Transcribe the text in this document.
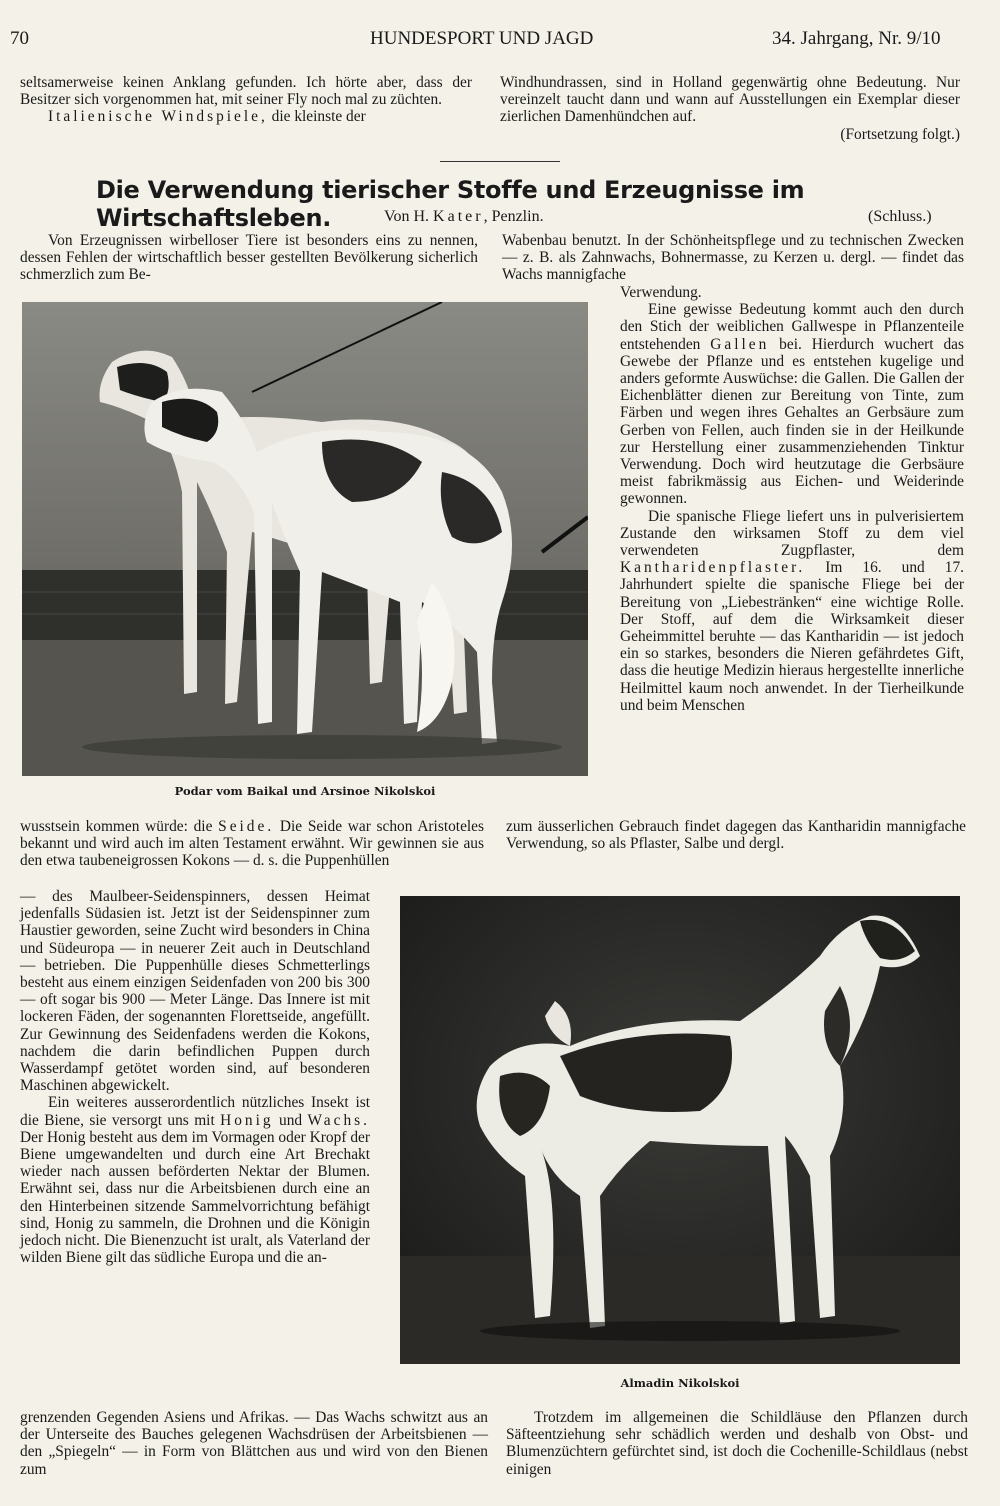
70	HUNDESPORT UND JAGD	34. Jahrgang, Nr. 9/10

seltsamerweise keinen Anklang gefunden. Ich hörte aber, dass der Besitzer sich vorgenommen hat, mit seiner Fly noch mal zu züchten.

Italienische Windspiele, die kleinste der

Windhundrassen, sind in Holland gegenwärtig ohne Bedeutung. Nur vereinzelt taucht dann und wann auf Ausstellungen ein Exemplar dieser zierlichen Damenhündchen auf.

(Fortsetzung folgt.)
Die Verwendung tierischer Stoffe und Erzeugnisse im Wirtschaftsleben.	Von H. Kater, Penzlin.	(Schluss.)

Von Erzeugnissen wirbelloser Tiere ist besonders eins zu nennen, dessen Fehlen der wirtschaftlich besser gestellten Bevölkerung sicherlich schmerzlich zum Be-

Wabenbau benutzt. In der Schönheitspflege und zu technischen Zwecken — z. B. als Zahnwachs, Bohnermasse, zu Kerzen u. dergl. — findet das Wachs mannigfache

Podar vom Baikal und Arsinoe Nikolskoi

Verwendung.

Eine gewisse Bedeutung kommt auch den durch den Stich der weiblichen Gallwespe in Pflanzenteile entstehenden Gallen bei. Hierdurch wuchert das Gewebe der Pflanze und es entstehen kugelige und anders geformte Auswüchse: die Gallen. Die Gallen der Eichenblätter dienen zur Bereitung von Tinte, zum Färben und wegen ihres Gehaltes an Gerbsäure zum Gerben von Fellen, auch finden sie in der Heilkunde zur Herstellung einer zusammenziehenden Tinktur Verwendung. Doch wird heutzutage die Gerbsäure meist fabrikmässig aus Eichen- und Weiderinde gewonnen.

Die spanische Fliege liefert uns in pulverisiertem Zustande den wirksamen Stoff zu dem viel verwendeten Zugpflaster, dem Kantharidenpflaster. Im 16. und 17. Jahrhundert spielte die spanische Fliege bei der Bereitung von „Liebestränken“ eine wichtige Rolle. Der Stoff, auf dem die Wirksamkeit dieser Geheimmittel beruhte — das Kantharidin — ist jedoch ein so starkes, besonders die Nieren gefährdetes Gift, dass die heutige Medizin hieraus hergestellte innerliche Heilmittel kaum noch anwendet. In der Tierheilkunde und beim Menschen

wusstsein kommen würde: die Seide. Die Seide war schon Aristoteles bekannt und wird auch im alten Testament erwähnt. Wir gewinnen sie aus den etwa taubeneigrossen Kokons — d. s. die Puppenhüllen

zum äusserlichen Gebrauch findet dagegen das Kantharidin mannigfache Verwendung, so als Pflaster, Salbe und dergl.

— des Maulbeer-Seidenspinners, dessen Heimat jedenfalls Südasien ist. Jetzt ist der Seidenspinner zum Haustier geworden, seine Zucht wird besonders in China und Südeuropa — in neuerer Zeit auch in Deutschland — betrieben. Die Puppenhülle dieses Schmetterlings besteht aus einem einzigen Seidenfaden von 200 bis 300 — oft sogar bis 900 — Meter Länge. Das Innere ist mit lockeren Fäden, der sogenannten Florettseide, angefüllt. Zur Gewinnung des Seidenfadens werden die Kokons, nachdem die darin befindlichen Puppen durch Wasserdampf getötet worden sind, auf besonderen Maschinen abgewickelt.

Ein weiteres ausserordentlich nützliches Insekt ist die Biene, sie versorgt uns mit Honig und Wachs. Der Honig besteht aus dem im Vormagen oder Kropf der Biene umgewandelten und durch eine Art Brechakt wieder nach aussen beförderten Nektar der Blumen. Erwähnt sei, dass nur die Arbeitsbienen durch eine an den Hinterbeinen sitzende Sammelvorrichtung befähigt sind, Honig zu sammeln, die Drohnen und die Königin jedoch nicht. Die Bienenzucht ist uralt, als Vaterland der wilden Biene gilt das südliche Europa und die an-

Almadin Nikolskoi

grenzenden Gegenden Asiens und Afrikas. — Das Wachs schwitzt aus an der Unterseite des Bauches gelegenen Wachsdrüsen der Arbeitsbienen — den „Spiegeln“ — in Form von Blättchen aus und wird von den Bienen zum

Trotzdem im allgemeinen die Schildläuse den Pflanzen durch Säfteentziehung sehr schädlich werden und deshalb von Obst- und Blumenzüchtern gefürchtet sind, ist doch die Cochenille-Schildlaus (nebst einigen
